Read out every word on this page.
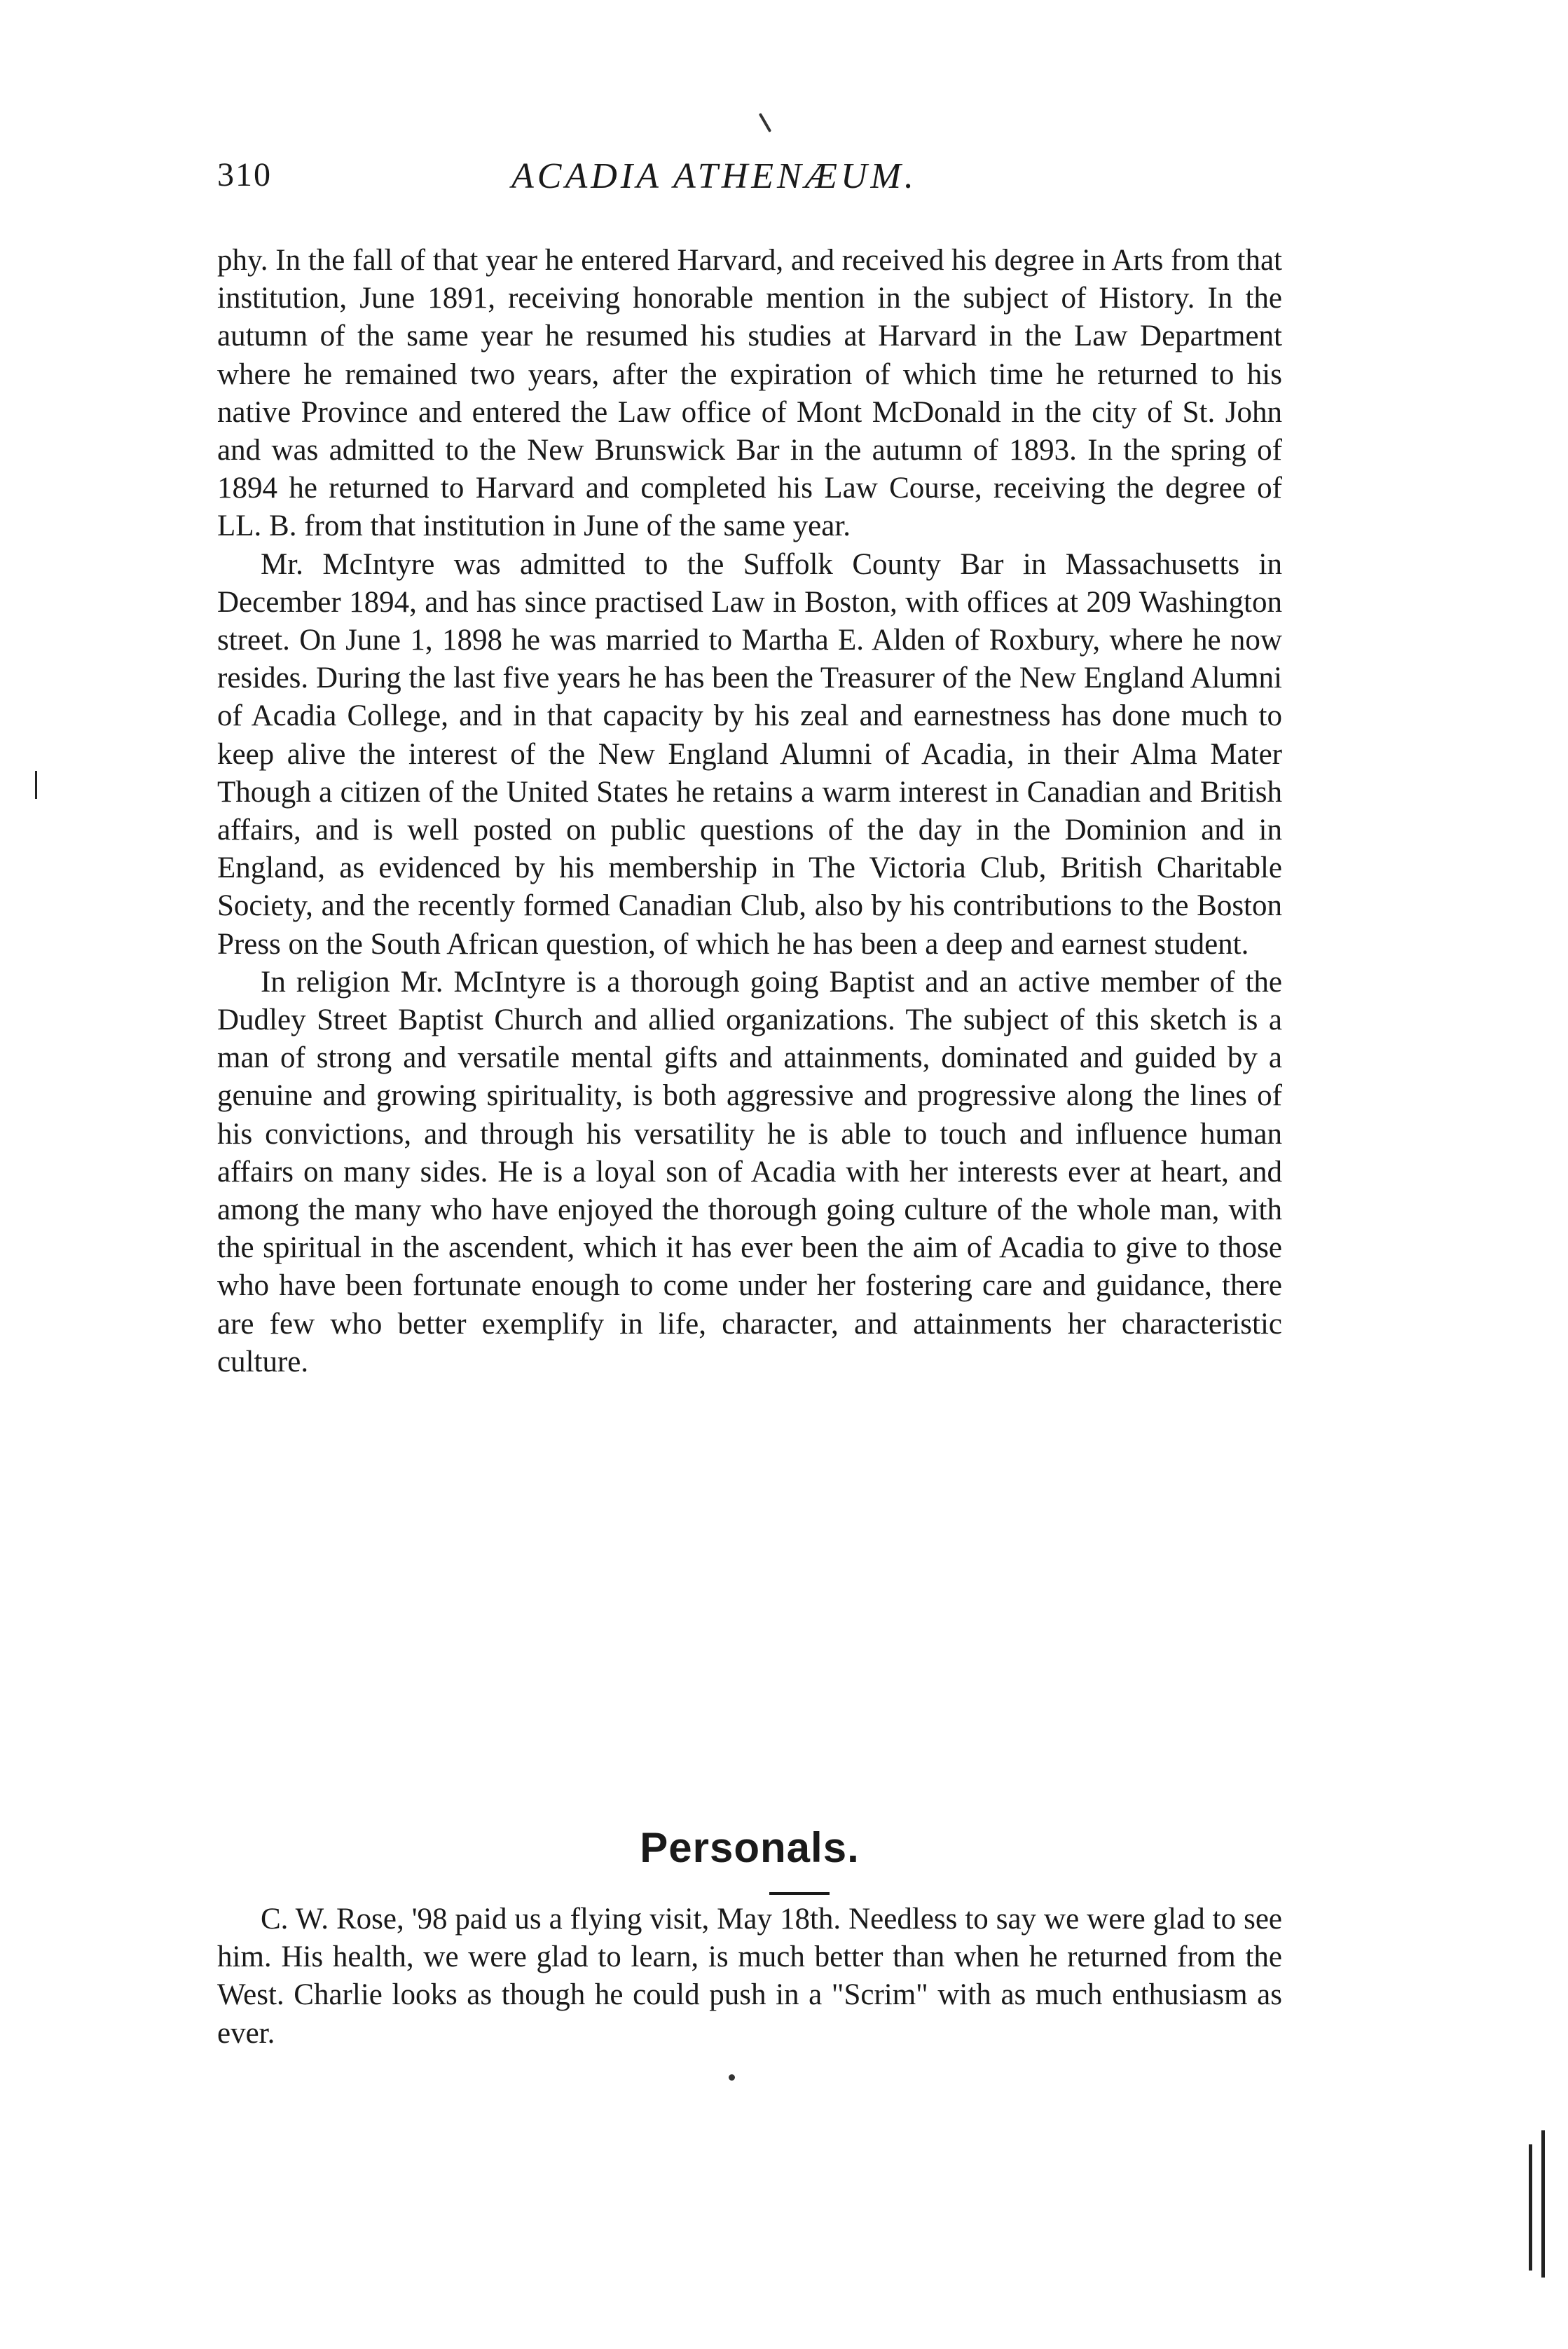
310	ACADIA ATHENÆUM.

phy. In the fall of that year he entered Harvard, and received his degree in Arts from that institution, June 1891, receiving honorable mention in the subject of History. In the autumn of the same year he resumed his studies at Harvard in the Law Department where he remained two years, after the expiration of which time he returned to his native Province and entered the Law office of Mont McDonald in the city of St. John and was admitted to the New Brunswick Bar in the autumn of 1893. In the spring of 1894 he returned to Harvard and completed his Law Course, receiving the degree of LL. B. from that institution in June of the same year.

Mr. McIntyre was admitted to the Suffolk County Bar in Massachusetts in December 1894, and has since practised Law in Boston, with offices at 209 Washington street. On June 1, 1898 he was married to Martha E. Alden of Roxbury, where he now resides. During the last five years he has been the Treasurer of the New England Alumni of Acadia College, and in that capacity by his zeal and earnestness has done much to keep alive the interest of the New England Alumni of Acadia, in their Alma Mater Though a citizen of the United States he retains a warm interest in Canadian and British affairs, and is well posted on public questions of the day in the Dominion and in England, as evidenced by his membership in The Victoria Club, British Charitable Society, and the recently formed Canadian Club, also by his contributions to the Boston Press on the South African question, of which he has been a deep and earnest student.

In religion Mr. McIntyre is a thorough going Baptist and an active member of the Dudley Street Baptist Church and allied organizations. The subject of this sketch is a man of strong and versatile mental gifts and attainments, dominated and guided by a genuine and growing spirituality, is both aggressive and progressive along the lines of his convictions, and through his versatility he is able to touch and influence human affairs on many sides. He is a loyal son of Acadia with her interests ever at heart, and among the many who have enjoyed the thorough going culture of the whole man, with the spiritual in the ascendent, which it has ever been the aim of Acadia to give to those who have been fortunate enough to come under her fostering care and guidance, there are few who better exemplify in life, character, and attainments her characteristic culture.

Personals.

C. W. Rose, '98 paid us a flying visit, May 18th. Needless to say we were glad to see him. His health, we were glad to learn, is much better than when he returned from the West. Charlie looks as though he could push in a "Scrim" with as much enthusiasm as ever.
